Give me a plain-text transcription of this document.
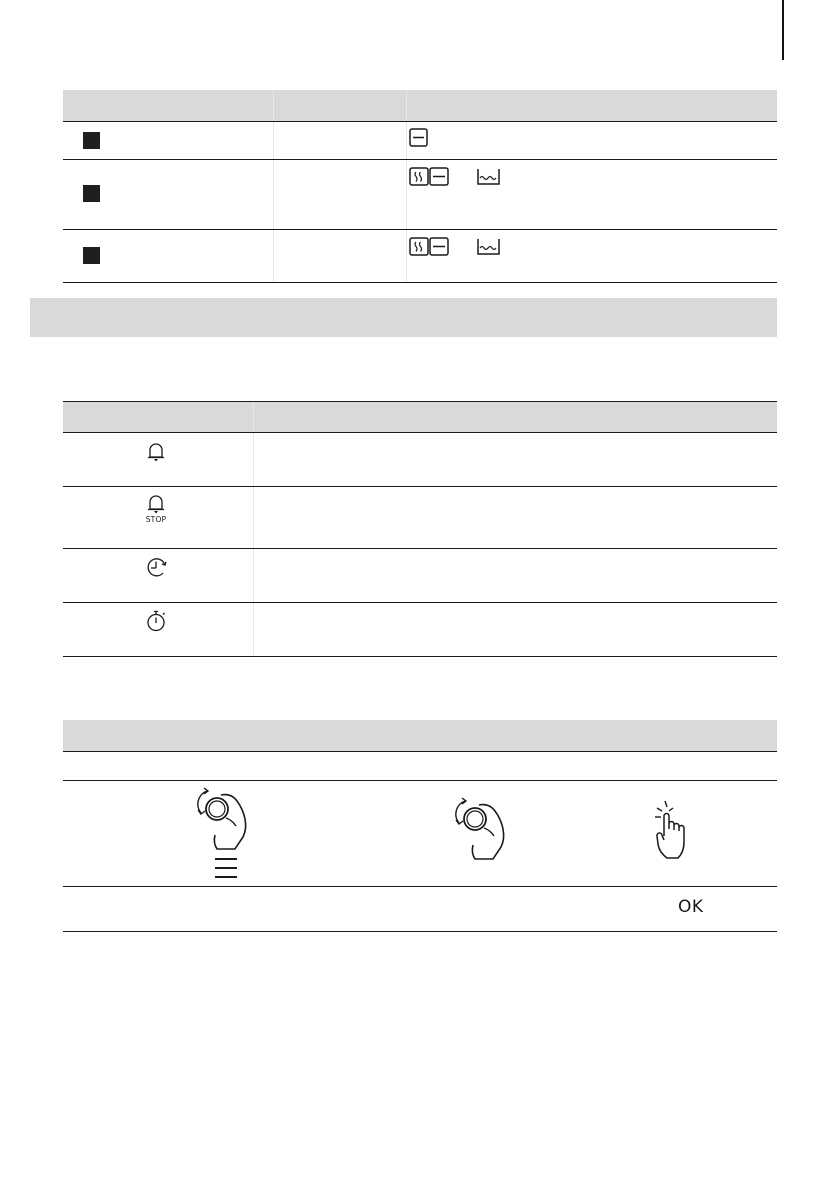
STOP
OK
